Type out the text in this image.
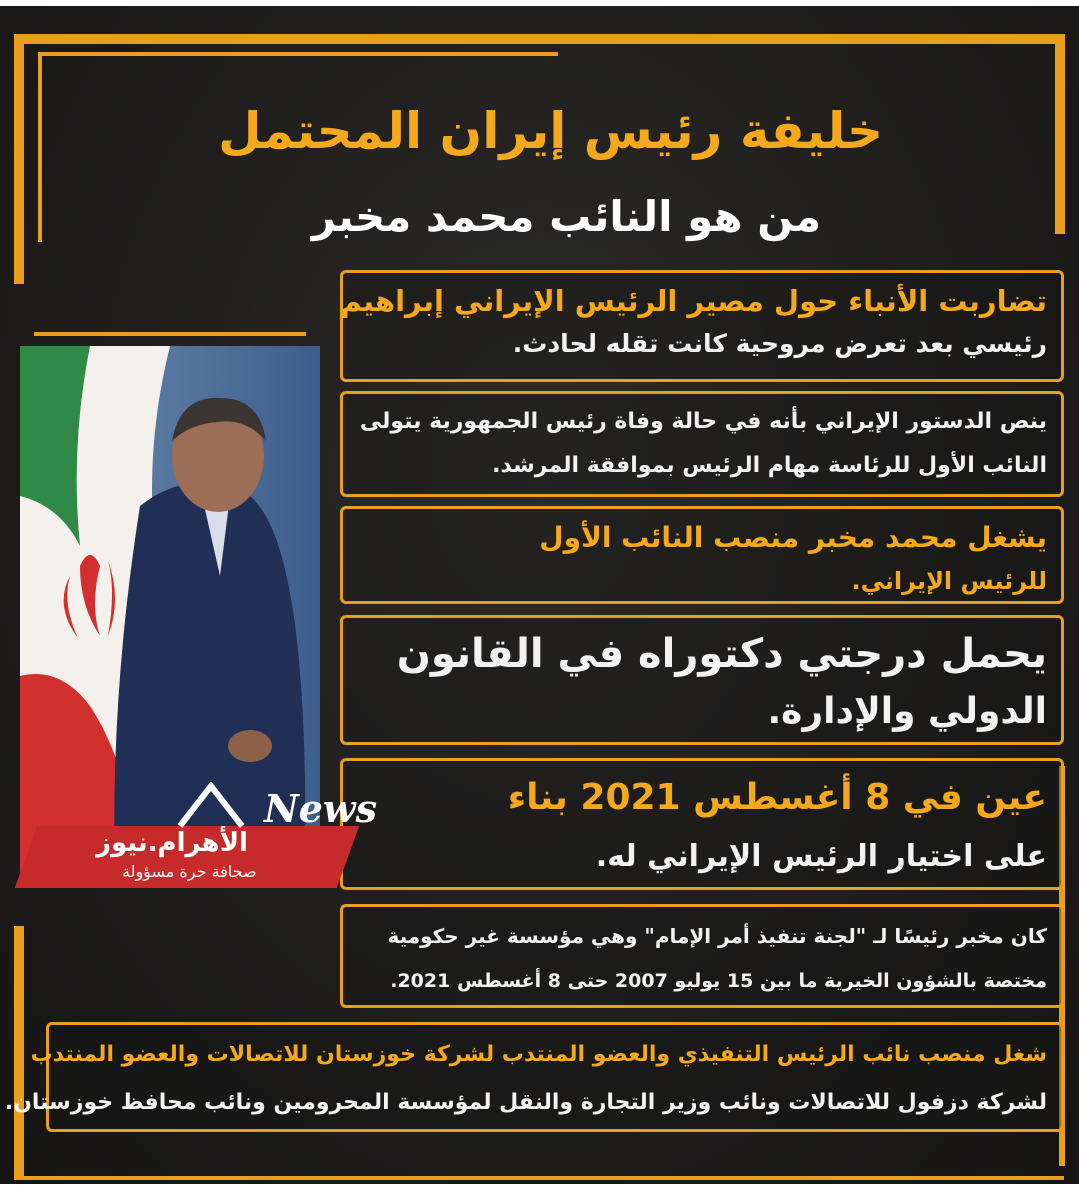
خليفة رئيس إيران المحتمل
من هو النائب محمد مخبر
تضاربت الأنباء حول مصير الرئيس الإيراني إبراهيم
رئيسي بعد تعرض مروحية كانت تقله لحادث.
ينص الدستور الإيراني بأنه في حالة وفاة رئيس الجمهورية يتولى
النائب الأول للرئاسة مهام الرئيس بموافقة المرشد.
يشغل محمد مخبر منصب النائب الأول
للرئيس الإيراني.
يحمل درجتي دكتوراه في القانون
الدولي والإدارة.
عين في 8 أغسطس 2021 بناء
على اختيار الرئيس الإيراني له.
كان مخبر رئيسًا لـ "لجنة تنفيذ أمر الإمام" وهي مؤسسة غير حكومية
مختصة بالشؤون الخيرية ما بين 15 يوليو 2007 حتى 8 أغسطس 2021.
شغل منصب نائب الرئيس التنفيذي والعضو المنتدب لشركة خوزستان للاتصالات والعضو المنتدب
لشركة دزفول للاتصالات ونائب وزير التجارة والنقل لمؤسسة المحرومين ونائب محافظ خوزستان.
News
الأهرام.نيوز
صحافة حرة مسؤولة
